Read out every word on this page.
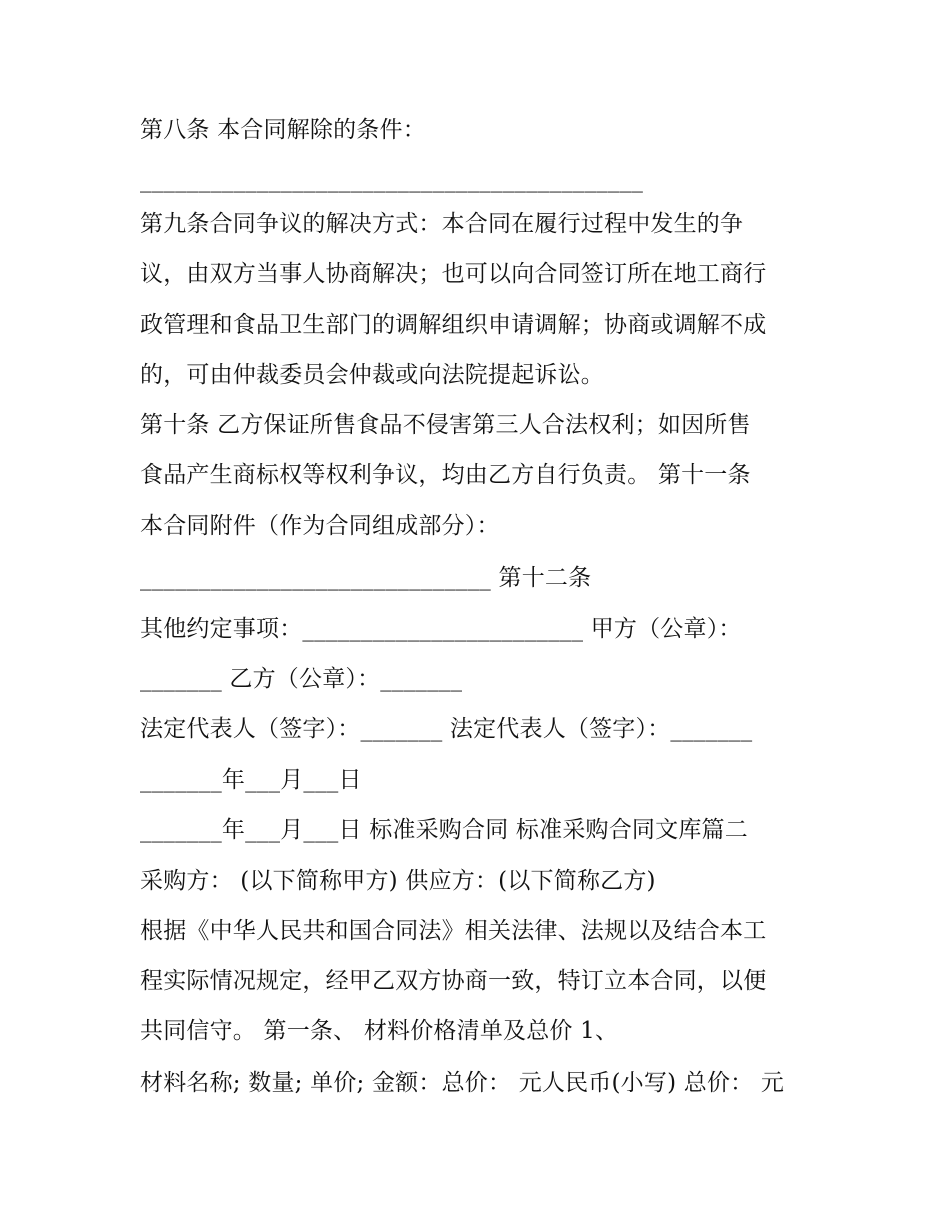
第八条 本合同解除的条件：
___________________________________________
第九条合同争议的解决方式：本合同在履行过程中发生的争
议，由双方当事人协商解决；也可以向合同签订所在地工商行
政管理和食品卫生部门的调解组织申请调解；协商或调解不成
的，可由仲裁委员会仲裁或向法院提起诉讼。
第十条 乙方保证所售食品不侵害第三人合法权利；如因所售
食品产生商标权等权利争议，均由乙方自行负责。 第十一条
本合同附件（作为合同组成部分）：
______________________________ 第十二条
其他约定事项：________________________ 甲方（公章）：
_______ 乙方（公章）：_______
法定代表人（签字）：_______ 法定代表人（签字）：_______
_______年___月___日
_______年___月___日 标准采购合同 标准采购合同文库篇二
采购方： (以下简称甲方) 供应方：(以下简称乙方)
根据《中华人民共和国合同法》相关法律、法规以及结合本工
程实际情况规定，经甲乙双方协商一致，特订立本合同，以便
共同信守。 第一条、 材料价格清单及总价 1、
材料名称; 数量; 单价; 金额：总价： 元人民币(小写) 总价： 元
